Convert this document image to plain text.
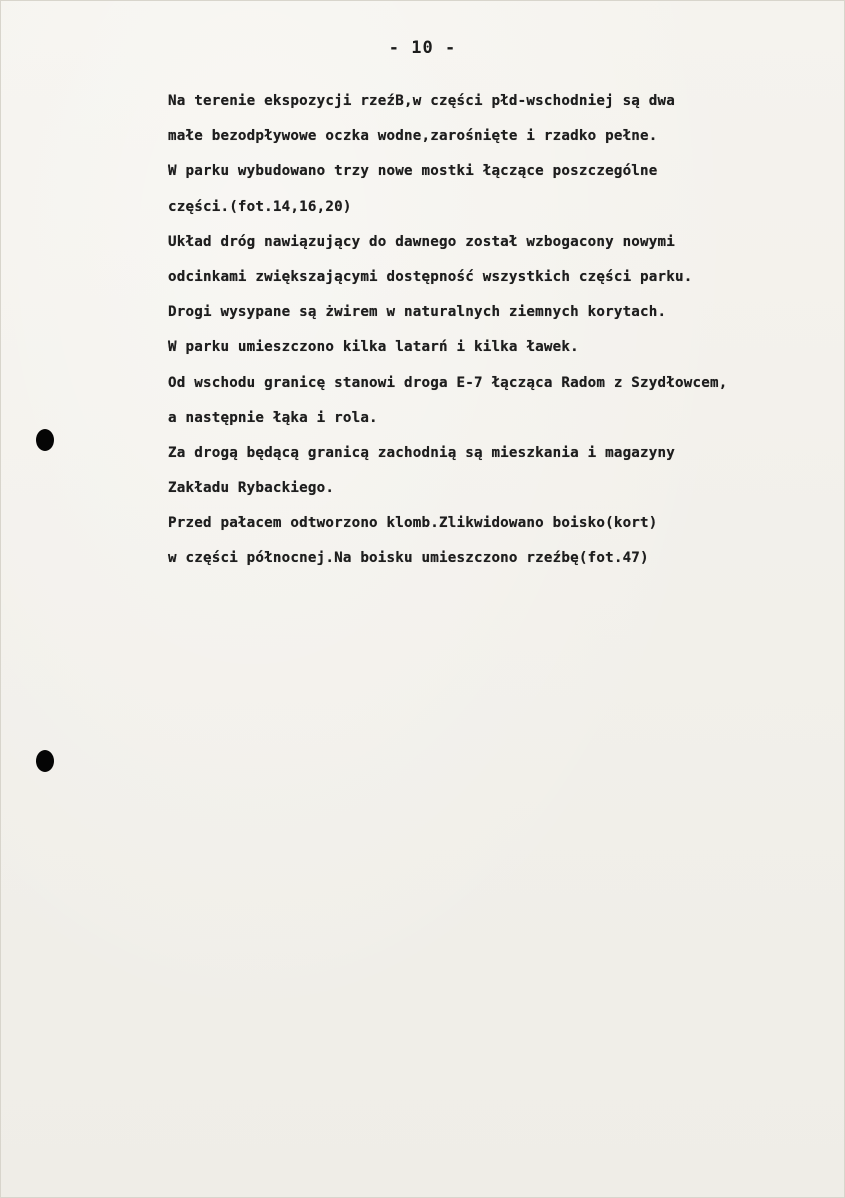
- 10 -
Na terenie ekspozycji rzeźB,w części płd-wschodniej są dwa
małe bezodpływowe oczka wodne,zarośnięte i rzadko pełne.
W parku wybudowano trzy nowe mostki łączące poszczególne
części.(fot.14,16,20)
Układ dróg nawiązujący do dawnego został wzbogacony nowymi
odcinkami zwiększającymi dostępność wszystkich części parku.
Drogi wysypane są żwirem w naturalnych ziemnych korytach.
W parku umieszczono kilka latarń i kilka ławek.
Od wschodu granicę stanowi droga E-7 łącząca Radom z Szydłowcem,
a następnie łąka i rola.
Za drogą będącą granicą zachodnią są mieszkania i magazyny
Zakładu Rybackiego.
Przed pałacem odtworzono klomb.Zlikwidowano boisko(kort)
w części północnej.Na boisku umieszczono rzeźbę(fot.47)
